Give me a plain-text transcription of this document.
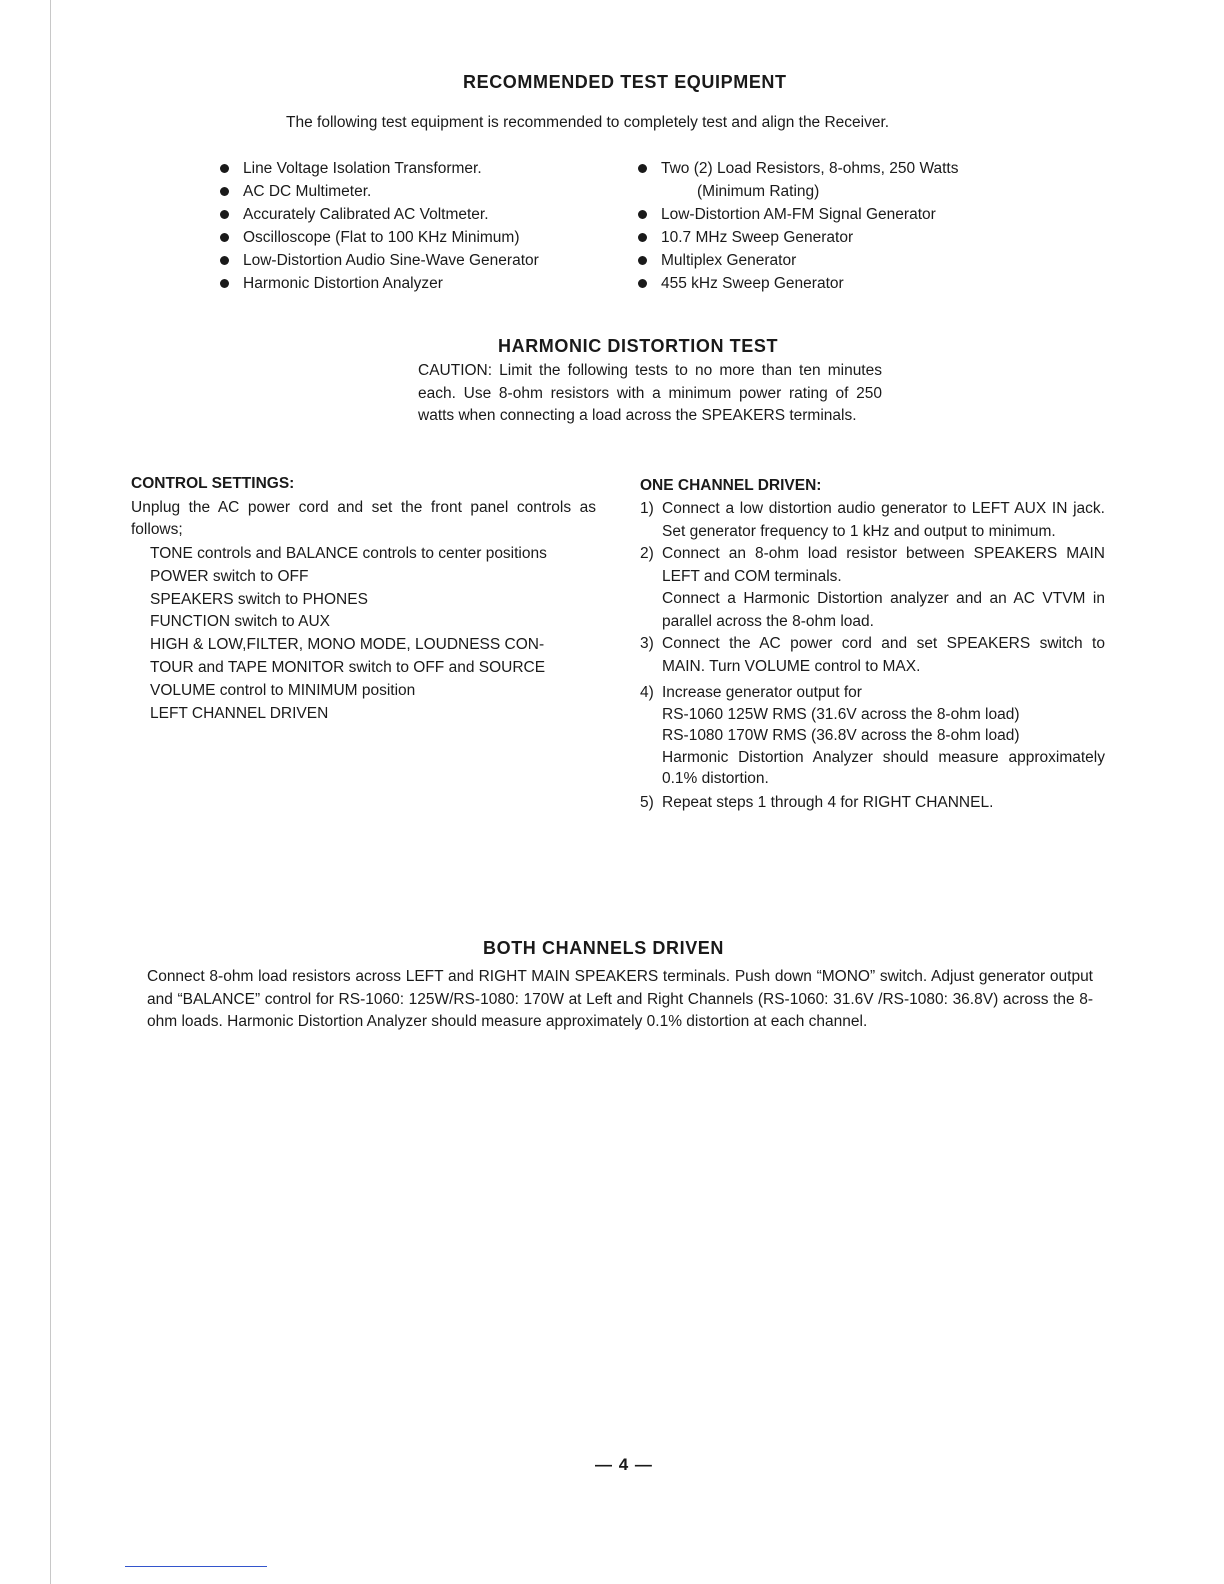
RECOMMENDED TEST EQUIPMENT
The following test equipment is recommended to completely test and align the Receiver.
Line Voltage Isolation Transformer.
AC DC Multimeter.
Accurately Calibrated AC Voltmeter.
Oscilloscope (Flat to 100 KHz Minimum)
Low-Distortion Audio Sine-Wave Generator
Harmonic Distortion Analyzer
Two (2) Load Resistors, 8-ohms, 250 Watts
(Minimum Rating)
Low-Distortion AM-FM Signal Generator
10.7 MHz Sweep Generator
Multiplex Generator
455 kHz Sweep Generator
HARMONIC DISTORTION TEST

CAUTION: Limit the following tests to no more than ten minutes each. Use 8-ohm resistors with a minimum power rating of 250 watts when connecting a load across the SPEAKERS terminals.

CONTROL SETTINGS:

Unplug the AC power cord and set the front panel controls as follows;

TONE controls and BALANCE controls to center positions
POWER switch to OFF
SPEAKERS switch to PHONES
FUNCTION switch to AUX
HIGH & LOW,FILTER, MONO MODE, LOUDNESS CON-
TOUR and TAPE MONITOR switch to OFF and SOURCE
VOLUME control to MINIMUM position
LEFT CHANNEL DRIVEN
ONE CHANNEL DRIVEN:
1) Connect a low distortion audio generator to LEFT AUX IN jack. Set generator frequency to 1 kHz and output to minimum.
2) Connect an 8-ohm load resistor between SPEAKERS MAIN LEFT and COM terminals.
Connect a Harmonic Distortion analyzer and an AC VTVM in parallel across the 8-ohm load.
3) Connect the AC power cord and set SPEAKERS switch to MAIN. Turn VOLUME control to MAX.
4) Increase generator output for
RS-1060 125W RMS (31.6V across the 8-ohm load)
RS-1080 170W RMS (36.8V across the 8-ohm load)
Harmonic Distortion Analyzer should measure approximately 0.1% distortion.
5) Repeat steps 1 through 4 for RIGHT CHANNEL.
BOTH CHANNELS DRIVEN

Connect 8-ohm load resistors across LEFT and RIGHT MAIN SPEAKERS terminals. Push down “MONO” switch. Adjust generator output and “BALANCE” control for RS-1060: 125W/RS-1080: 170W at Left and Right Channels (RS-1060: 31.6V /RS-1080: 36.8V) across the 8-ohm loads. Harmonic Distortion Analyzer should measure approximately 0.1% distortion at each channel.

— 4 —
